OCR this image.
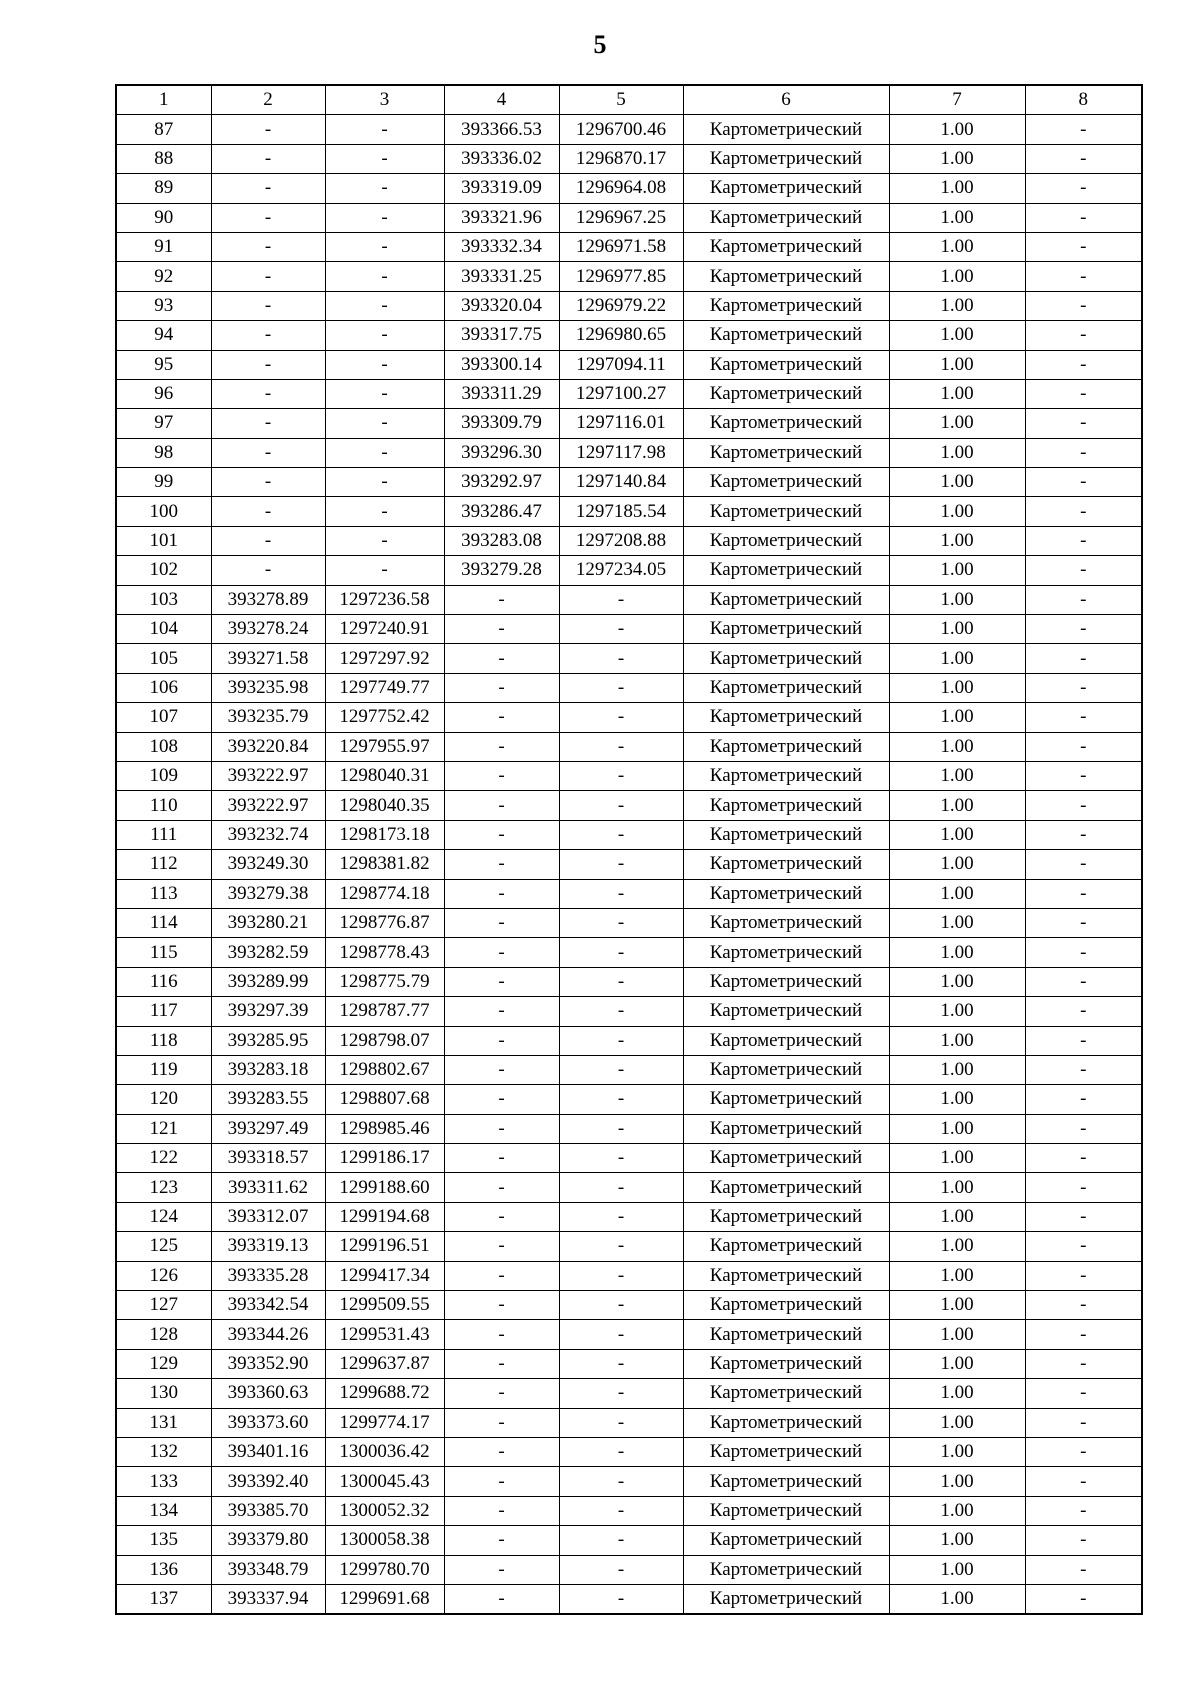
5
1	2	3	4	5	6	7	8
87	-	-	393366.53	1296700.46	Картометрический	1.00	-
88	-	-	393336.02	1296870.17	Картометрический	1.00	-
89	-	-	393319.09	1296964.08	Картометрический	1.00	-
90	-	-	393321.96	1296967.25	Картометрический	1.00	-
91	-	-	393332.34	1296971.58	Картометрический	1.00	-
92	-	-	393331.25	1296977.85	Картометрический	1.00	-
93	-	-	393320.04	1296979.22	Картометрический	1.00	-
94	-	-	393317.75	1296980.65	Картометрический	1.00	-
95	-	-	393300.14	1297094.11	Картометрический	1.00	-
96	-	-	393311.29	1297100.27	Картометрический	1.00	-
97	-	-	393309.79	1297116.01	Картометрический	1.00	-
98	-	-	393296.30	1297117.98	Картометрический	1.00	-
99	-	-	393292.97	1297140.84	Картометрический	1.00	-
100	-	-	393286.47	1297185.54	Картометрический	1.00	-
101	-	-	393283.08	1297208.88	Картометрический	1.00	-
102	-	-	393279.28	1297234.05	Картометрический	1.00	-
103	393278.89	1297236.58	-	-	Картометрический	1.00	-
104	393278.24	1297240.91	-	-	Картометрический	1.00	-
105	393271.58	1297297.92	-	-	Картометрический	1.00	-
106	393235.98	1297749.77	-	-	Картометрический	1.00	-
107	393235.79	1297752.42	-	-	Картометрический	1.00	-
108	393220.84	1297955.97	-	-	Картометрический	1.00	-
109	393222.97	1298040.31	-	-	Картометрический	1.00	-
110	393222.97	1298040.35	-	-	Картометрический	1.00	-
111	393232.74	1298173.18	-	-	Картометрический	1.00	-
112	393249.30	1298381.82	-	-	Картометрический	1.00	-
113	393279.38	1298774.18	-	-	Картометрический	1.00	-
114	393280.21	1298776.87	-	-	Картометрический	1.00	-
115	393282.59	1298778.43	-	-	Картометрический	1.00	-
116	393289.99	1298775.79	-	-	Картометрический	1.00	-
117	393297.39	1298787.77	-	-	Картометрический	1.00	-
118	393285.95	1298798.07	-	-	Картометрический	1.00	-
119	393283.18	1298802.67	-	-	Картометрический	1.00	-
120	393283.55	1298807.68	-	-	Картометрический	1.00	-
121	393297.49	1298985.46	-	-	Картометрический	1.00	-
122	393318.57	1299186.17	-	-	Картометрический	1.00	-
123	393311.62	1299188.60	-	-	Картометрический	1.00	-
124	393312.07	1299194.68	-	-	Картометрический	1.00	-
125	393319.13	1299196.51	-	-	Картометрический	1.00	-
126	393335.28	1299417.34	-	-	Картометрический	1.00	-
127	393342.54	1299509.55	-	-	Картометрический	1.00	-
128	393344.26	1299531.43	-	-	Картометрический	1.00	-
129	393352.90	1299637.87	-	-	Картометрический	1.00	-
130	393360.63	1299688.72	-	-	Картометрический	1.00	-
131	393373.60	1299774.17	-	-	Картометрический	1.00	-
132	393401.16	1300036.42	-	-	Картометрический	1.00	-
133	393392.40	1300045.43	-	-	Картометрический	1.00	-
134	393385.70	1300052.32	-	-	Картометрический	1.00	-
135	393379.80	1300058.38	-	-	Картометрический	1.00	-
136	393348.79	1299780.70	-	-	Картометрический	1.00	-
137	393337.94	1299691.68	-	-	Картометрический	1.00	-
